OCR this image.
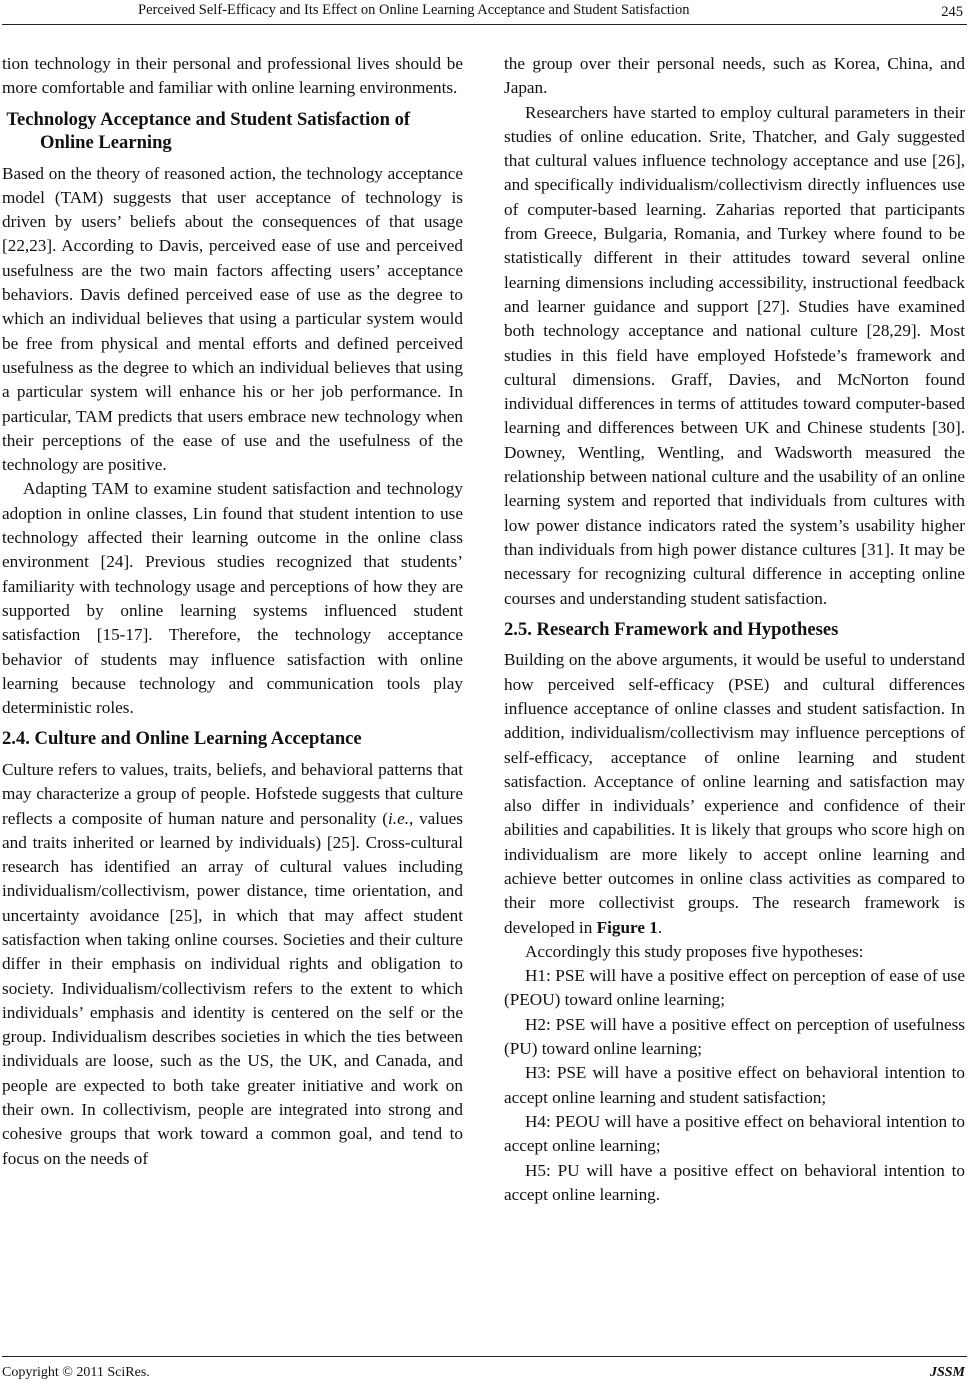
Perceived Self-Efficacy and Its Effect on Online Learning Acceptance and Student Satisfaction	245

tion technology in their personal and professional lives should be more comfortable and familiar with online learning environments.

Technology Acceptance and Student Satisfaction of Online Learning

Based on the theory of reasoned action, the technology acceptance model (TAM) suggests that user acceptance of technology is driven by users’ beliefs about the consequences of that usage [22,23]. According to Davis, perceived ease of use and perceived usefulness are the two main factors affecting users’ acceptance behaviors. Davis defined perceived ease of use as the degree to which an individual believes that using a particular system would be free from physical and mental efforts and defined perceived usefulness as the degree to which an individual believes that using a particular system will enhance his or her job performance. In particular, TAM predicts that users embrace new technology when their perceptions of the ease of use and the usefulness of the technology are positive.

Adapting TAM to examine student satisfaction and technology adoption in online classes, Lin found that student intention to use technology affected their learning outcome in the online class environment [24]. Previous studies recognized that students’ familiarity with technology usage and perceptions of how they are supported by online learning systems influenced student satisfaction [15-17]. Therefore, the technology acceptance behavior of students may influence satisfaction with online learning because technology and communication tools play deterministic roles.

2.4. Culture and Online Learning Acceptance

Culture refers to values, traits, beliefs, and behavioral patterns that may characterize a group of people. Hofstede suggests that culture reflects a composite of human nature and personality (i.e., values and traits inherited or learned by individuals) [25]. Cross-cultural research has identified an array of cultural values including individualism/collectivism, power distance, time orientation, and uncertainty avoidance [25], in which that may affect student satisfaction when taking online courses. Societies and their culture differ in their emphasis on individual rights and obligation to society. Individualism/collectivism refers to the extent to which individuals’ emphasis and identity is centered on the self or the group. Individualism describes societies in which the ties between individuals are loose, such as the US, the UK, and Canada, and people are expected to both take greater initiative and work on their own. In collectivism, people are integrated into strong and cohesive groups that work toward a common goal, and tend to focus on the needs of

the group over their personal needs, such as Korea, China, and Japan.

Researchers have started to employ cultural parameters in their studies of online education. Srite, Thatcher, and Galy suggested that cultural values influence technology acceptance and use [26], and specifically individualism/collectivism directly influences use of computer-based learning. Zaharias reported that participants from Greece, Bulgaria, Romania, and Turkey where found to be statistically different in their attitudes toward several online learning dimensions including accessibility, instructional feedback and learner guidance and support [27]. Studies have examined both technology acceptance and national culture [28,29]. Most studies in this field have employed Hofstede’s framework and cultural dimensions. Graff, Davies, and McNorton found individual differences in terms of attitudes toward computer-based learning and differences between UK and Chinese students [30]. Downey, Wentling, Wentling, and Wadsworth measured the relationship between national culture and the usability of an online learning system and reported that individuals from cultures with low power distance indicators rated the system’s usability higher than individuals from high power distance cultures [31]. It may be necessary for recognizing cultural difference in accepting online courses and understanding student satisfaction.

2.5. Research Framework and Hypotheses

Building on the above arguments, it would be useful to understand how perceived self-efficacy (PSE) and cultural differences influence acceptance of online classes and student satisfaction. In addition, individualism/collectivism may influence perceptions of self-efficacy, acceptance of online learning and student satisfaction. Acceptance of online learning and satisfaction may also differ in individuals’ experience and confidence of their abilities and capabilities. It is likely that groups who score high on individualism are more likely to accept online learning and achieve better outcomes in online class activities as compared to their more collectivist groups. The research framework is developed in Figure 1.

Accordingly this study proposes five hypotheses:

H1: PSE will have a positive effect on perception of ease of use (PEOU) toward online learning;

H2: PSE will have a positive effect on perception of usefulness (PU) toward online learning;

H3: PSE will have a positive effect on behavioral intention to accept online learning and student satisfaction;

H4: PEOU will have a positive effect on behavioral intention to accept online learning;

H5: PU will have a positive effect on behavioral intention to accept online learning.

Copyright © 2011 SciRes.	JSSM
